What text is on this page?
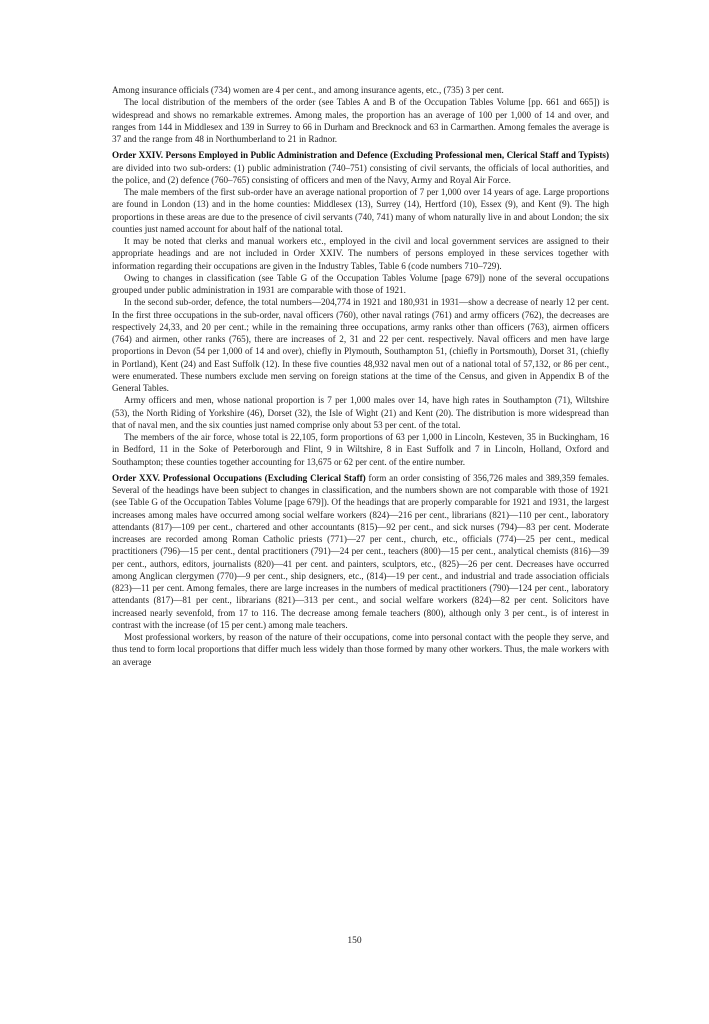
Among insurance officials (734) women are 4 per cent., and among insurance agents, etc., (735) 3 per cent.

The local distribution of the members of the order (see Tables A and B of the Occupation Tables Volume [pp. 661 and 665]) is widespread and shows no remarkable extremes. Among males, the proportion has an average of 100 per 1,000 of 14 and over, and ranges from 144 in Middlesex and 139 in Surrey to 66 in Durham and Brecknock and 63 in Carmarthen. Among females the average is 37 and the range from 48 in Northumberland to 21 in Radnor.

Order XXIV. Persons Employed in Public Administration and Defence (Excluding Professional men, Clerical Staff and Typists) are divided into two sub-orders: (1) public administration (740–751) consisting of civil servants, the officials of local authorities, and the police, and (2) defence (760–765) consisting of officers and men of the Navy, Army and Royal Air Force.

The male members of the first sub-order have an average national proportion of 7 per 1,000 over 14 years of age. Large proportions are found in London (13) and in the home counties: Middlesex (13), Surrey (14), Hertford (10), Essex (9), and Kent (9). The high proportions in these areas are due to the presence of civil servants (740, 741) many of whom naturally live in and about London; the six counties just named account for about half of the national total.

It may be noted that clerks and manual workers etc., employed in the civil and local government services are assigned to their appropriate headings and are not included in Order XXIV. The numbers of persons employed in these services together with information regarding their occupations are given in the Industry Tables, Table 6 (code numbers 710–729).

Owing to changes in classification (see Table G of the Occupation Tables Volume [page 679]) none of the several occupations grouped under public administration in 1931 are comparable with those of 1921.

In the second sub-order, defence, the total numbers—204,774 in 1921 and 180,931 in 1931—show a decrease of nearly 12 per cent. In the first three occupations in the sub-order, naval officers (760), other naval ratings (761) and army officers (762), the decreases are respectively 24,33, and 20 per cent.; while in the remaining three occupations, army ranks other than officers (763), airmen officers (764) and airmen, other ranks (765), there are increases of 2, 31 and 22 per cent. respectively. Naval officers and men have large proportions in Devon (54 per 1,000 of 14 and over), chiefly in Plymouth, Southampton 51, (chiefly in Portsmouth), Dorset 31, (chiefly in Portland), Kent (24) and East Suffolk (12). In these five counties 48,932 naval men out of a national total of 57,132, or 86 per cent., were enumerated. These numbers exclude men serving on foreign stations at the time of the Census, and given in Appendix B of the General Tables.

Army officers and men, whose national proportion is 7 per 1,000 males over 14, have high rates in Southampton (71), Wiltshire (53), the North Riding of Yorkshire (46), Dorset (32), the Isle of Wight (21) and Kent (20). The distribution is more widespread than that of naval men, and the six counties just named comprise only about 53 per cent. of the total.

The members of the air force, whose total is 22,105, form proportions of 63 per 1,000 in Lincoln, Kesteven, 35 in Buckingham, 16 in Bedford, 11 in the Soke of Peterborough and Flint, 9 in Wiltshire, 8 in East Suffolk and 7 in Lincoln, Holland, Oxford and Southampton; these counties together accounting for 13,675 or 62 per cent. of the entire number.

Order XXV. Professional Occupations (Excluding Clerical Staff) form an order consisting of 356,726 males and 389,359 females. Several of the headings have been subject to changes in classification, and the numbers shown are not comparable with those of 1921 (see Table G of the Occupation Tables Volume [page 679]). Of the headings that are properly comparable for 1921 and 1931, the largest increases among males have occurred among social welfare workers (824)—216 per cent., librarians (821)—110 per cent., laboratory attendants (817)—109 per cent., chartered and other accountants (815)—92 per cent., and sick nurses (794)—83 per cent. Moderate increases are recorded among Roman Catholic priests (771)—27 per cent., church, etc., officials (774)—25 per cent., medical practitioners (796)—15 per cent., dental practitioners (791)—24 per cent., teachers (800)—15 per cent., analytical chemists (816)—39 per cent., authors, editors, journalists (820)—41 per cent. and painters, sculptors, etc., (825)—26 per cent. Decreases have occurred among Anglican clergymen (770)—9 per cent., ship designers, etc., (814)—19 per cent., and industrial and trade association officials (823)—11 per cent. Among females, there are large increases in the numbers of medical practitioners (790)—124 per cent., laboratory attendants (817)—81 per cent., librarians (821)—313 per cent., and social welfare workers (824)—82 per cent. Solicitors have increased nearly sevenfold, from 17 to 116. The decrease among female teachers (800), although only 3 per cent., is of interest in contrast with the increase (of 15 per cent.) among male teachers.

Most professional workers, by reason of the nature of their occupations, come into personal contact with the people they serve, and thus tend to form local proportions that differ much less widely than those formed by many other workers. Thus, the male workers with an average

150
